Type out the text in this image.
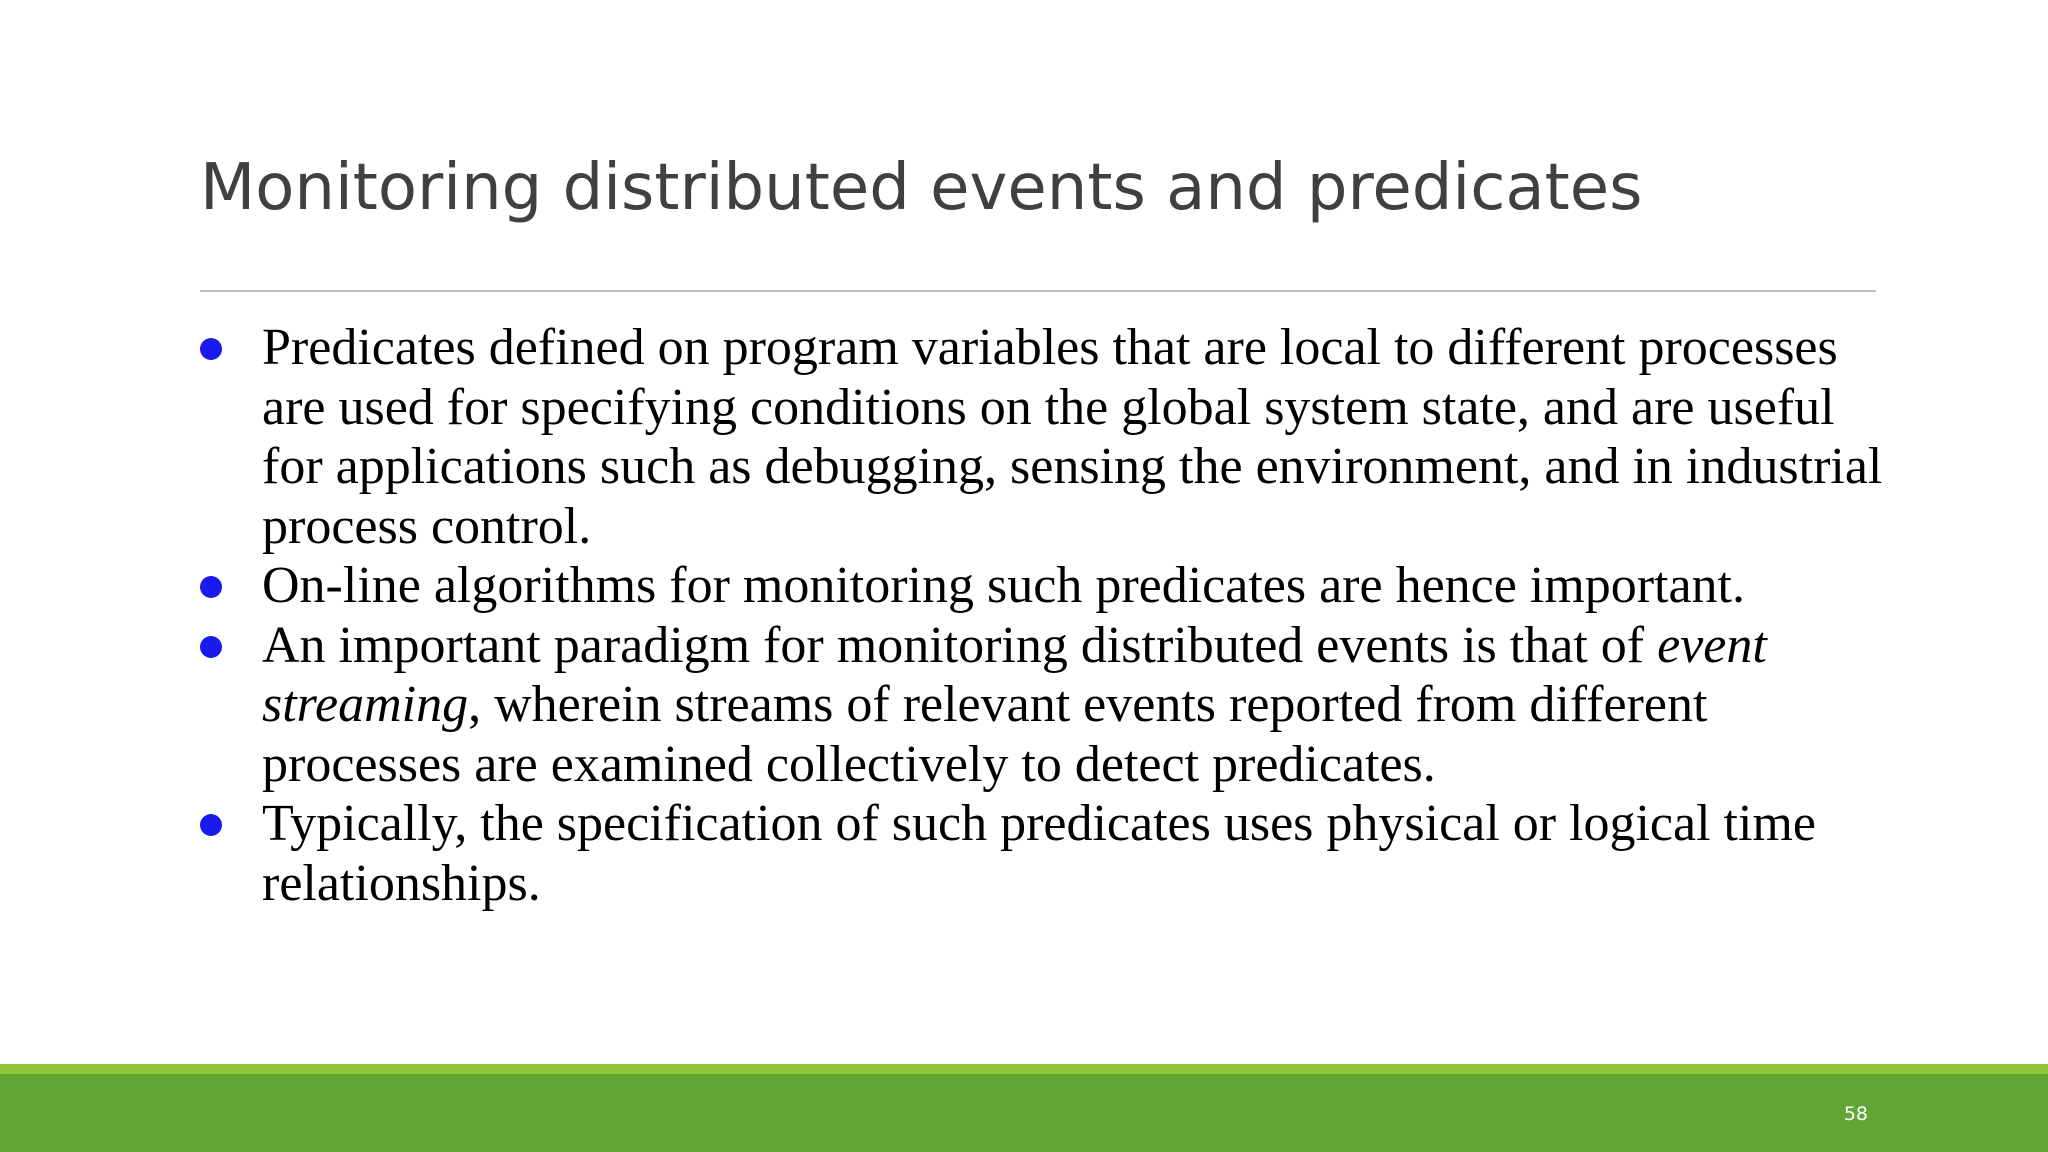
Monitoring distributed events and predicates
Predicates defined on program variables that are local to different processes are used for specifying conditions on the global system state, and are useful for applications such as debugging, sensing the environment, and in industrial process control.
On-line algorithms for monitoring such predicates are hence important.
An important paradigm for monitoring distributed events is that of event streaming, wherein streams of relevant events reported from different processes are examined collectively to detect predicates.
Typically, the specification of such predicates uses physical or logical time relationships.
58
